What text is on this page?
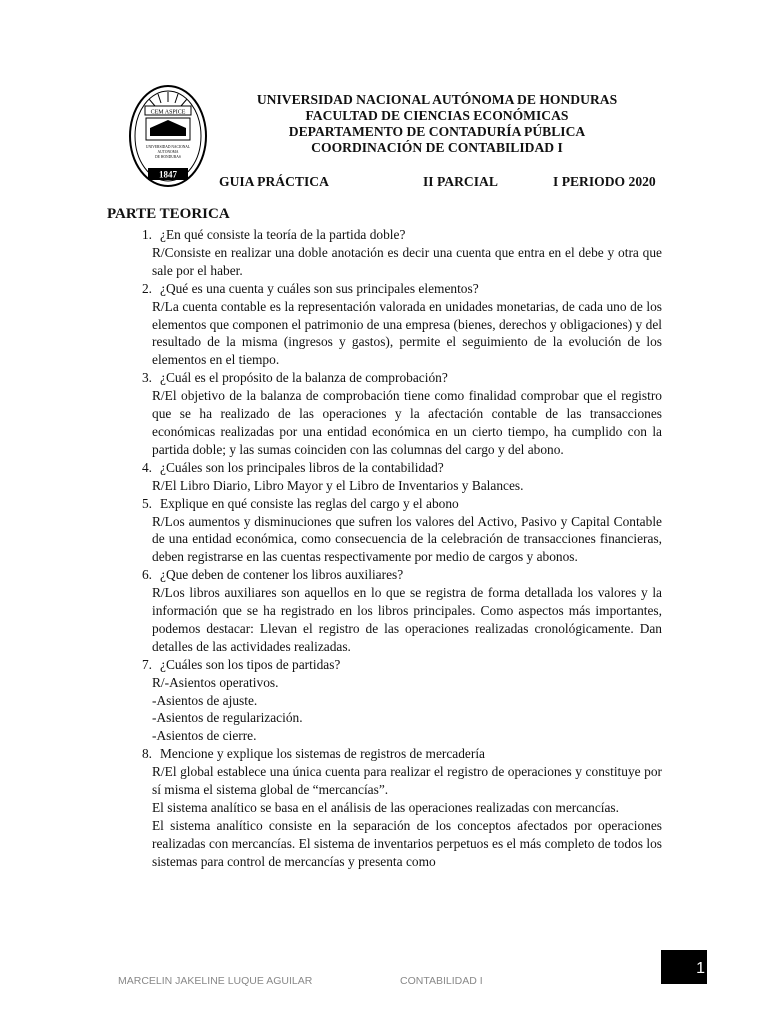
CEM ASPICE
UNIVERSIDAD NACIONAL
AUTONOMA
DE HONDURAS
1847
UNIVERSIDAD NACIONAL AUTÓNOMA DE HONDURAS
FACULTAD DE CIENCIAS ECONÓMICAS
DEPARTAMENTO DE CONTADURÍA PÚBLICA
COORDINACIÓN DE CONTABILIDAD I
GUIA PRÁCTICA	II PARCIAL	I PERIODO 2020
PARTE TEORICA
1. ¿En qué consiste la teoría de la partida doble?
R/Consiste en realizar una doble anotación es decir una cuenta que entra en el debe y otra que sale por el haber.
2. ¿Qué es una cuenta y cuáles son sus principales elementos?
R/La cuenta contable es la representación valorada en unidades monetarias, de cada uno de los elementos que componen el patrimonio de una empresa (bienes, derechos y obligaciones) y del resultado de la misma (ingresos y gastos), permite el seguimiento de la evolución de los elementos en el tiempo.
3. ¿Cuál es el propósito de la balanza de comprobación?
R/El objetivo de la balanza de comprobación tiene como finalidad comprobar que el registro que se ha realizado de las operaciones y la afectación contable de las transacciones económicas realizadas por una entidad económica en un cierto tiempo, ha cumplido con la partida doble; y las sumas coinciden con las columnas del cargo y del abono.
4. ¿Cuáles son los principales libros de la contabilidad?
R/El Libro Diario, Libro Mayor y el Libro de Inventarios y Balances.
5. Explique en qué consiste las reglas del cargo y el abono
R/Los aumentos y disminuciones que sufren los valores del Activo, Pasivo y Capital Contable de una entidad económica, como consecuencia de la celebración de transacciones financieras, deben registrarse en las cuentas respectivamente por medio de cargos y abonos.
6. ¿Que deben de contener los libros auxiliares?
R/Los libros auxiliares son aquellos en lo que se registra de forma detallada los valores y la información que se ha registrado en los libros principales. Como aspectos más importantes, podemos destacar: Llevan el registro de las operaciones realizadas cronológicamente. Dan detalles de las actividades realizadas.
7. ¿Cuáles son los tipos de partidas?
R/-Asientos operativos.
-Asientos de ajuste.
-Asientos de regularización.
-Asientos de cierre.
8. Mencione y explique los sistemas de registros de mercadería
R/El global establece una única cuenta para realizar el registro de operaciones y constituye por sí misma el sistema global de “mercancías”.
El sistema analítico se basa en el análisis de las operaciones realizadas con mercancías.
El sistema analítico consiste en la separación de los conceptos afectados por operaciones realizadas con mercancías. El sistema de inventarios perpetuos es el más completo de todos los sistemas para control de mercancías y presenta como
MARCELIN JAKELINE LUQUE AGUILAR	CONTABILIDAD I
1
